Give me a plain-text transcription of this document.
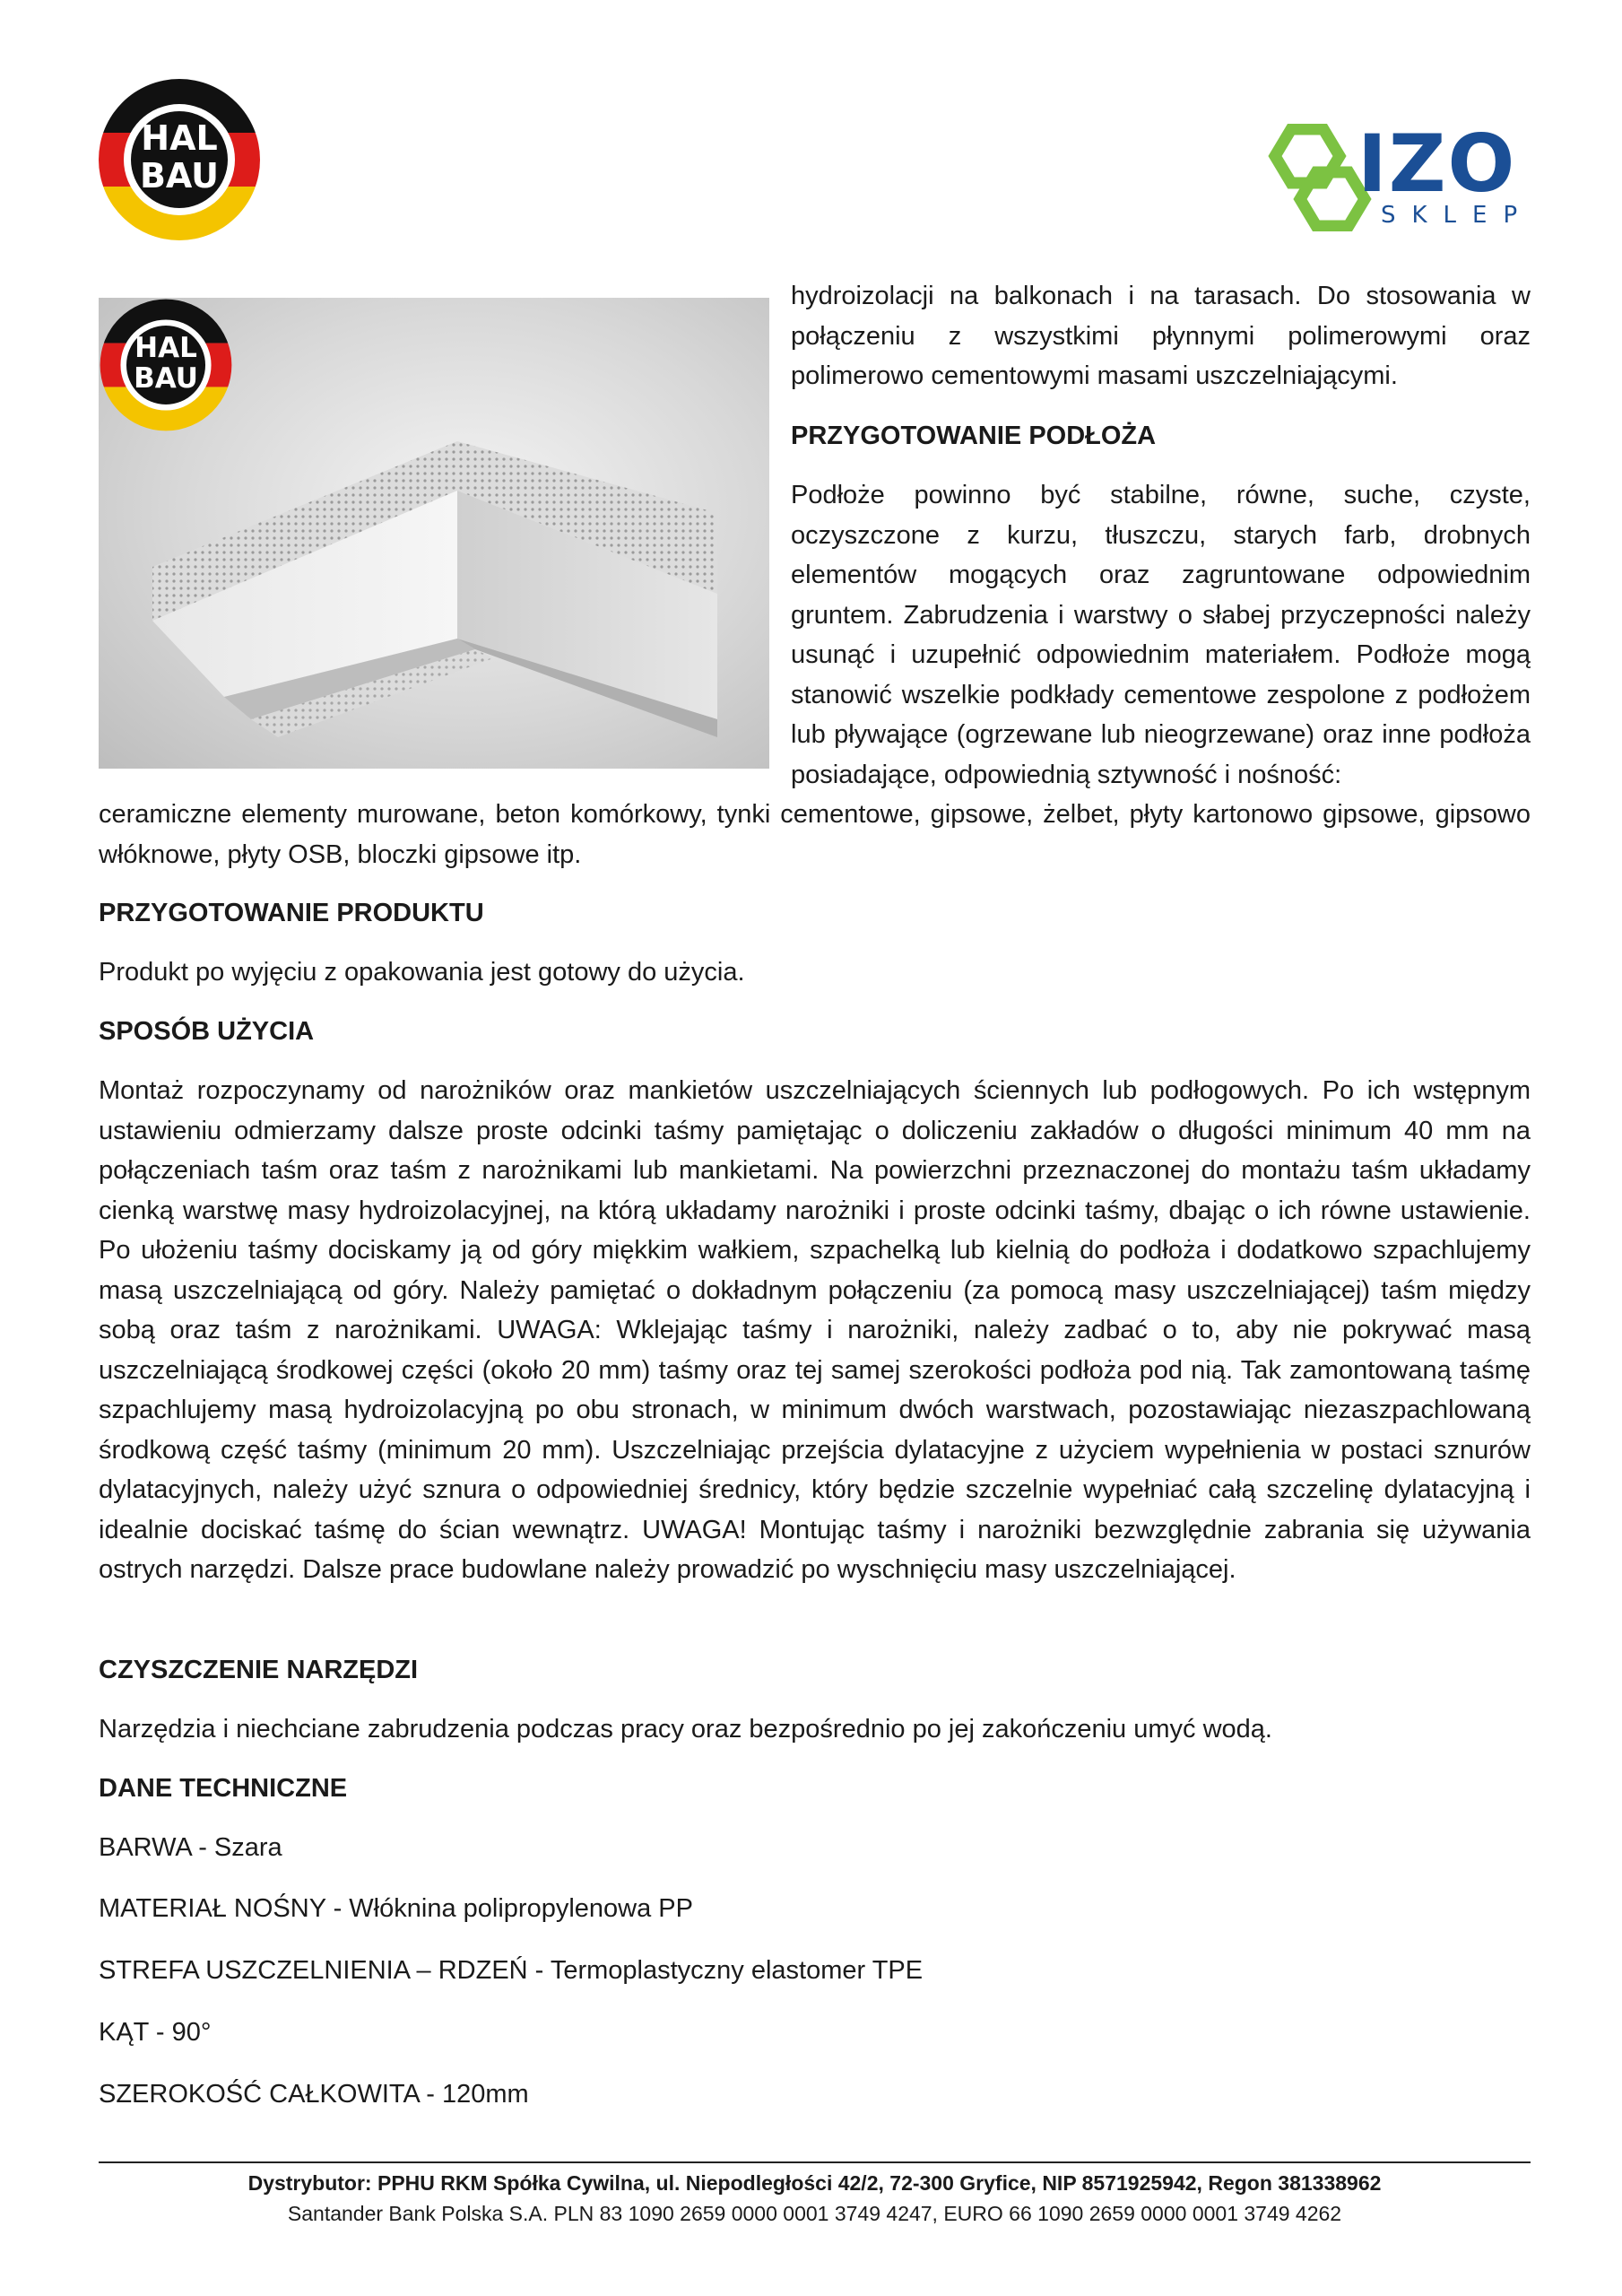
HAL
BAU	IZO
SKLEP
HAL
BAU

hydroizolacji na balkonach i na tarasach. Do stosowania w połączeniu z wszystkimi płynnymi polimerowymi oraz polimerowo cementowymi masami uszczelniającymi.

PRZYGOTOWANIE PODŁOŻA

Podłoże powinno być stabilne, równe, suche, czyste, oczyszczone z kurzu, tłuszczu, starych farb, drobnych elementów mogących oraz zagruntowane odpowiednim gruntem. Zabrudzenia i warstwy o słabej przyczepności należy usunąć i uzupełnić odpowiednim materiałem. Podłoże mogą stanowić wszelkie podkłady cementowe zespolone z podłożem lub pływające (ogrzewane lub nieogrzewane) oraz inne podłoża posiadające, odpowiednią sztywność i nośność:

ceramiczne elementy murowane, beton komórkowy, tynki cementowe, gipsowe, żelbet, płyty kartonowo gipsowe, gipsowo włóknowe, płyty OSB, bloczki gipsowe itp.

PRZYGOTOWANIE PRODUKTU

Produkt po wyjęciu z opakowania jest gotowy do użycia.

SPOSÓB UŻYCIA

Montaż rozpoczynamy od narożników oraz mankietów uszczelniających ściennych lub podłogowych. Po ich wstępnym ustawieniu odmierzamy dalsze proste odcinki taśmy pamiętając o doliczeniu zakładów o długości minimum 40 mm na połączeniach taśm oraz taśm z narożnikami lub mankietami. Na powierzchni przeznaczonej do montażu taśm układamy cienką warstwę masy hydroizolacyjnej, na którą układamy narożniki i proste odcinki taśmy, dbając o ich równe ustawienie. Po ułożeniu taśmy dociskamy ją od góry miękkim wałkiem, szpachelką lub kielnią do podłoża i dodatkowo szpachlujemy masą uszczelniającą od góry. Należy pamiętać o dokładnym połączeniu (za pomocą masy uszczelniającej) taśm między sobą oraz taśm z narożnikami. UWAGA: Wklejając taśmy i narożniki, należy zadbać o to, aby nie pokrywać masą uszczelniającą środkowej części (około 20 mm) taśmy oraz tej samej szerokości podłoża pod nią. Tak zamontowaną taśmę szpachlujemy masą hydroizolacyjną po obu stronach, w minimum dwóch warstwach, pozostawiając niezaszpachlowaną środkową część taśmy (minimum 20 mm). Uszczelniając przejścia dylatacyjne z użyciem wypełnienia w postaci sznurów dylatacyjnych, należy użyć sznura o odpowiedniej średnicy, który będzie szczelnie wypełniać całą szczelinę dylatacyjną i idealnie dociskać taśmę do ścian wewnątrz. UWAGA! Montując taśmy i narożniki bezwzględnie zabrania się używania ostrych narzędzi. Dalsze prace budowlane należy prowadzić po wyschnięciu masy uszczelniającej.

CZYSZCZENIE NARZĘDZI

Narzędzia i niechciane zabrudzenia podczas pracy oraz bezpośrednio po jej zakończeniu umyć wodą.

DANE TECHNICZNE
BARWA - Szara
MATERIAŁ NOŚNY - Włóknina polipropylenowa PP
STREFA USZCZELNIENIA – RDZEŃ - Termoplastyczny elastomer TPE
KĄT - 90°
SZEROKOŚĆ CAŁKOWITA - 120mm
Dystrybutor: PPHU RKM Spółka Cywilna, ul. Niepodległości 42/2, 72-300 Gryfice, NIP 8571925942, Regon 381338962
Santander Bank Polska S.A. PLN 83 1090 2659 0000 0001 3749 4247, EURO 66 1090 2659 0000 0001 3749 4262
